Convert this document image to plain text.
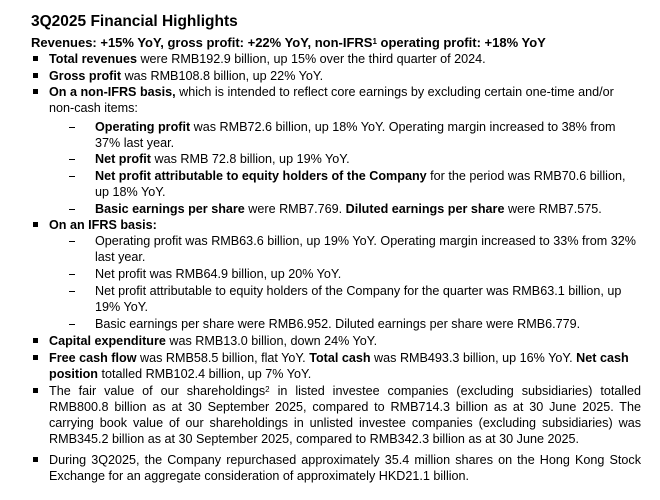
3Q2025 Financial Highlights
Revenues: +15% YoY, gross profit: +22% YoY, non-IFRS$^1$ operating profit: +18% YoY
Total revenues were RMB192.9 billion, up 15% over the third quarter of 2024.
Gross profit was RMB108.8 billion, up 22% YoY.
On a non-IFRS basis, which is intended to reflect core earnings by excluding certain one-time and/or non-cash items:
Operating profit was RMB72.6 billion, up 18% YoY. Operating margin increased to 38% from 37% last year.
Net profit was RMB 72.8 billion, up 19% YoY.
Net profit attributable to equity holders of the Company for the period was RMB70.6 billion, up 18% YoY.
Basic earnings per share were RMB7.769. Diluted earnings per share were RMB7.575.
On an IFRS basis:
Operating profit was RMB63.6 billion, up 19% YoY. Operating margin increased to 33% from 32% last year.
Net profit was RMB64.9 billion, up 20% YoY.
Net profit attributable to equity holders of the Company for the quarter was RMB63.1 billion, up 19% YoY.
Basic earnings per share were RMB6.952. Diluted earnings per share were RMB6.779.
Capital expenditure was RMB13.0 billion, down 24% YoY.
Free cash flow was RMB58.5 billion, flat YoY. Total cash was RMB493.3 billion, up 16% YoY. Net cash position totalled RMB102.4 billion, up 7% YoY.
The fair value of our shareholdings$^2$ in listed investee companies (excluding subsidiaries) totalled RMB800.8 billion as at 30 September 2025, compared to RMB714.3 billion as at 30 June 2025. The carrying book value of our shareholdings in unlisted investee companies (excluding subsidiaries) was RMB345.2 billion as at 30 September 2025, compared to RMB342.3 billion as at 30 June 2025.
During 3Q2025, the Company repurchased approximately 35.4 million shares on the Hong Kong Stock Exchange for an aggregate consideration of approximately HKD21.1 billion.
